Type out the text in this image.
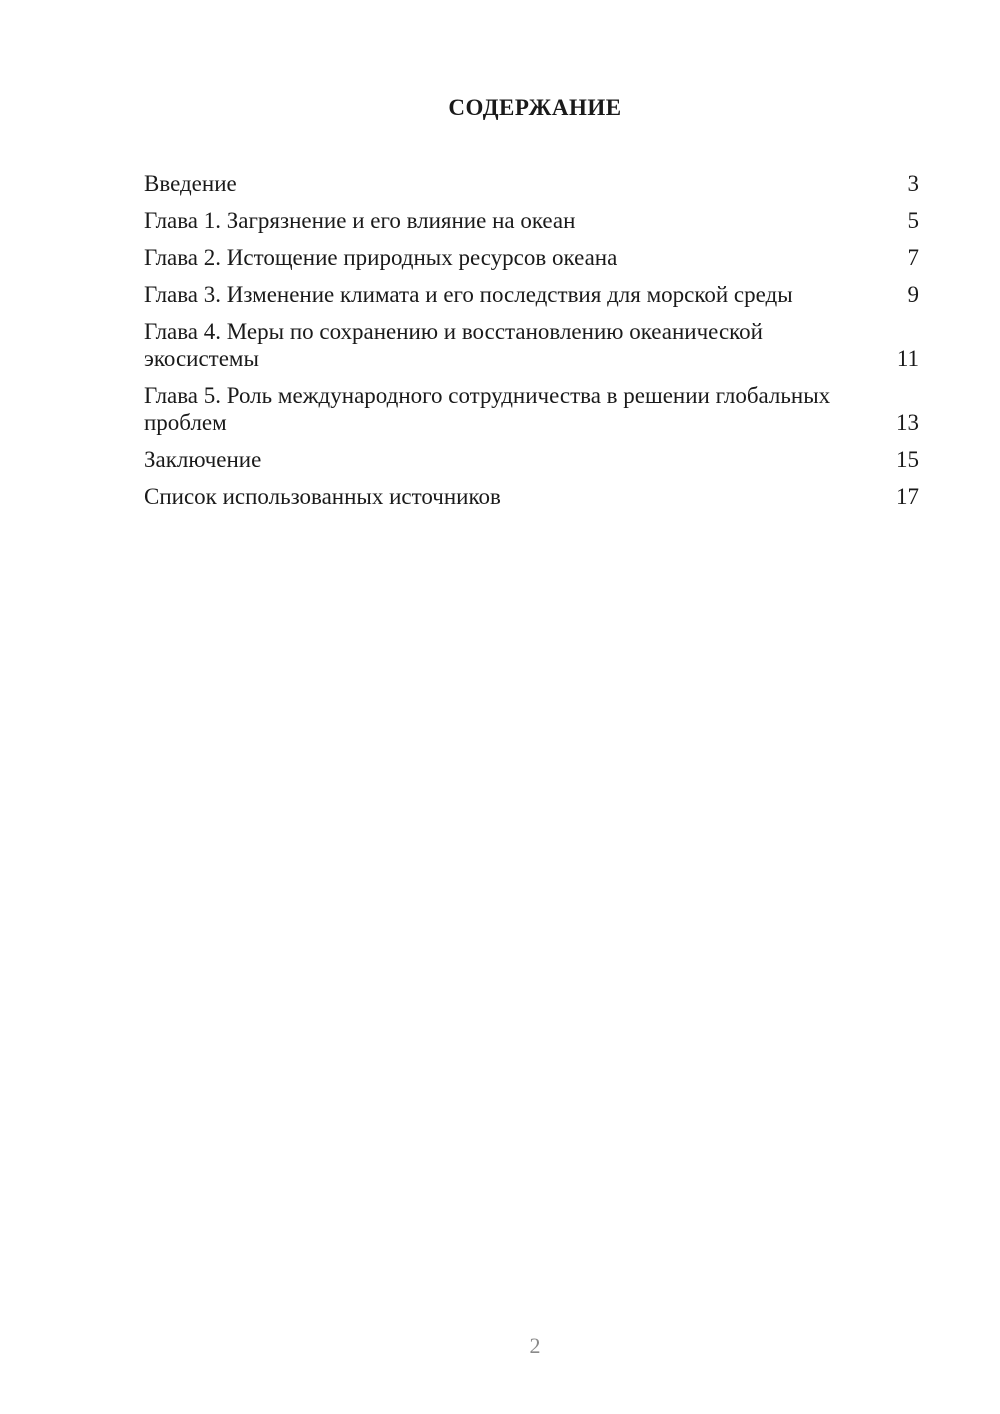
СОДЕРЖАНИЕ
Введение	3
Глава 1. Загрязнение и его влияние на океан	5
Глава 2. Истощение природных ресурсов океана	7
Глава 3. Изменение климата и его последствия для морской среды	9
Глава 4. Меры по сохранению и восстановлению океанической экосистемы	11
Глава 5. Роль международного сотрудничества в решении глобальных проблем	13
Заключение	15
Список использованных источников	17
2
